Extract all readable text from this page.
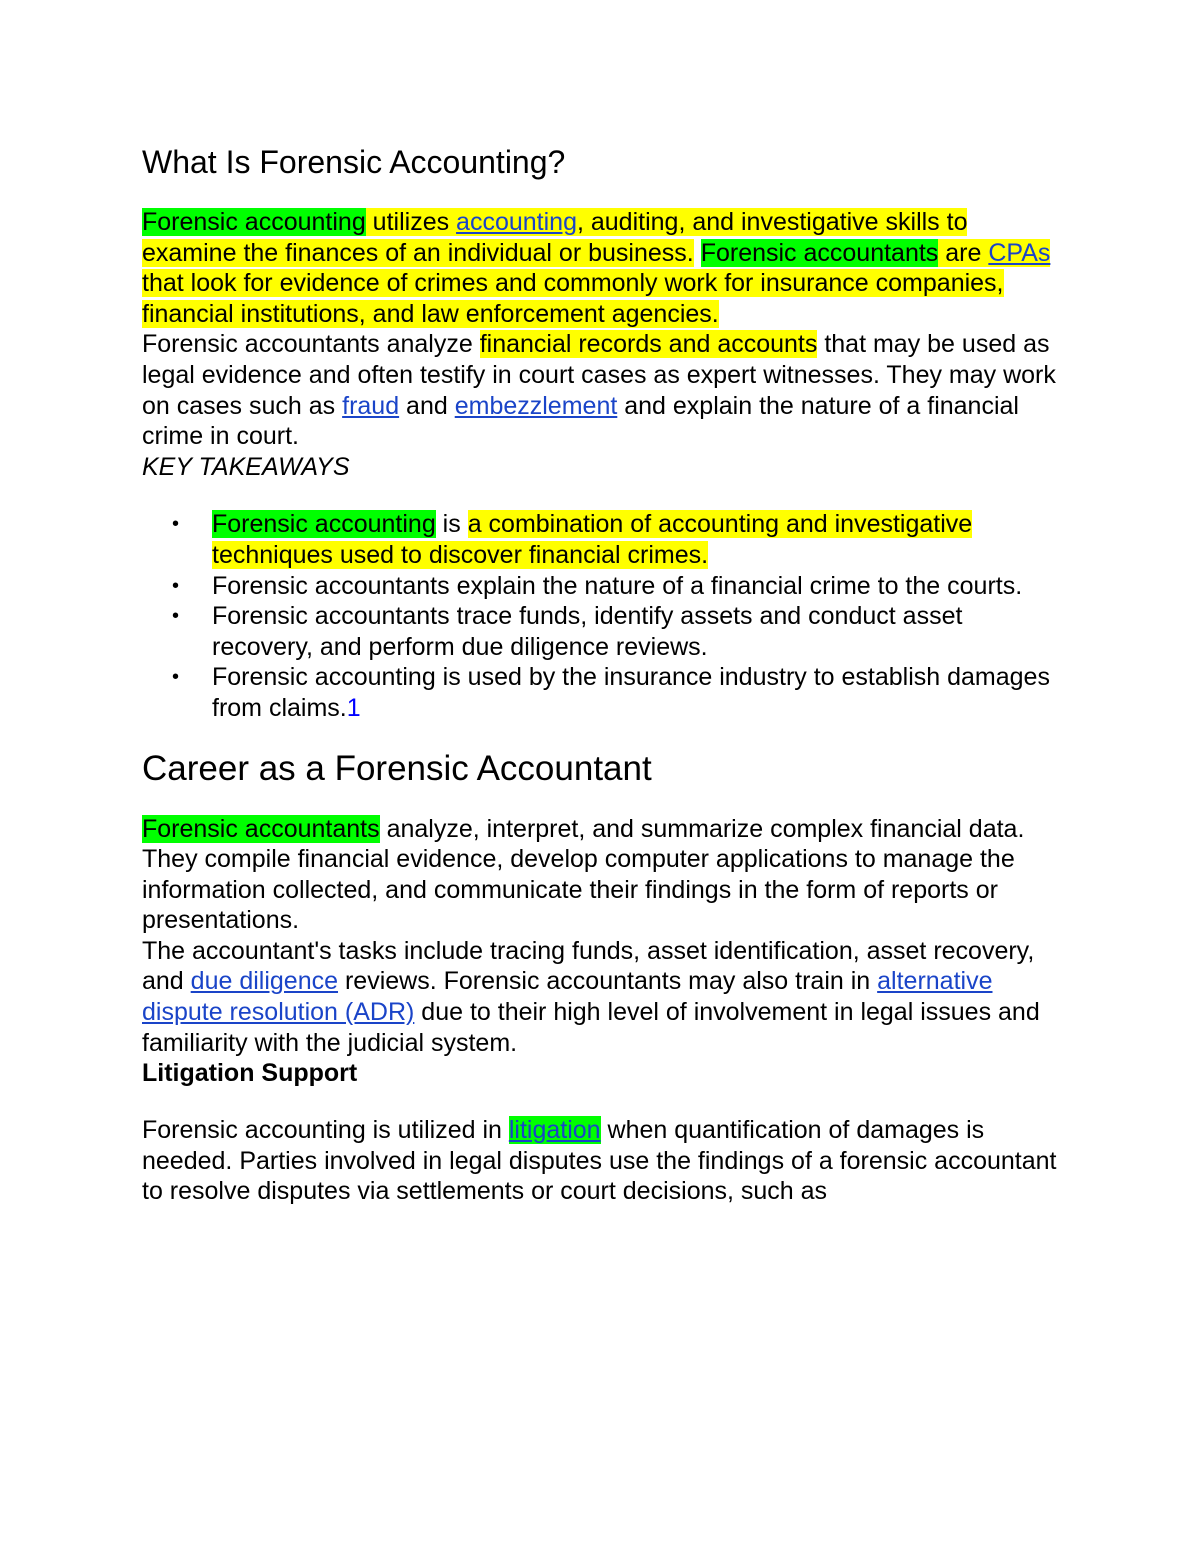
What Is Forensic Accounting?

Forensic accounting utilizes accounting, auditing, and investigative skills to examine the finances of an individual or business. Forensic accountants are CPAs that look for evidence of crimes and commonly work for insurance companies, financial institutions, and law enforcement agencies.

Forensic accountants analyze financial records and accounts that may be used as legal evidence and often testify in court cases as expert witnesses. They may work on cases such as fraud and embezzlement and explain the nature of a financial crime in court.

KEY TAKEAWAYS
• Forensic accounting is a combination of accounting and investigative techniques used to discover financial crimes.
• Forensic accountants explain the nature of a financial crime to the courts.
• Forensic accountants trace funds, identify assets and conduct asset recovery, and perform due diligence reviews.
• Forensic accounting is used by the insurance industry to establish damages from claims.1
Career as a Forensic Accountant

Forensic accountants analyze, interpret, and summarize complex financial data. They compile financial evidence, develop computer applications to manage the information collected, and communicate their findings in the form of reports or presentations.

The accountant's tasks include tracing funds, asset identification, asset recovery, and due diligence reviews. Forensic accountants may also train in alternative dispute resolution (ADR) due to their high level of involvement in legal issues and familiarity with the judicial system.

Litigation Support

Forensic accounting is utilized in litigation when quantification of damages is needed. Parties involved in legal disputes use the findings of a forensic accountant to resolve disputes via settlements or court decisions, such as
